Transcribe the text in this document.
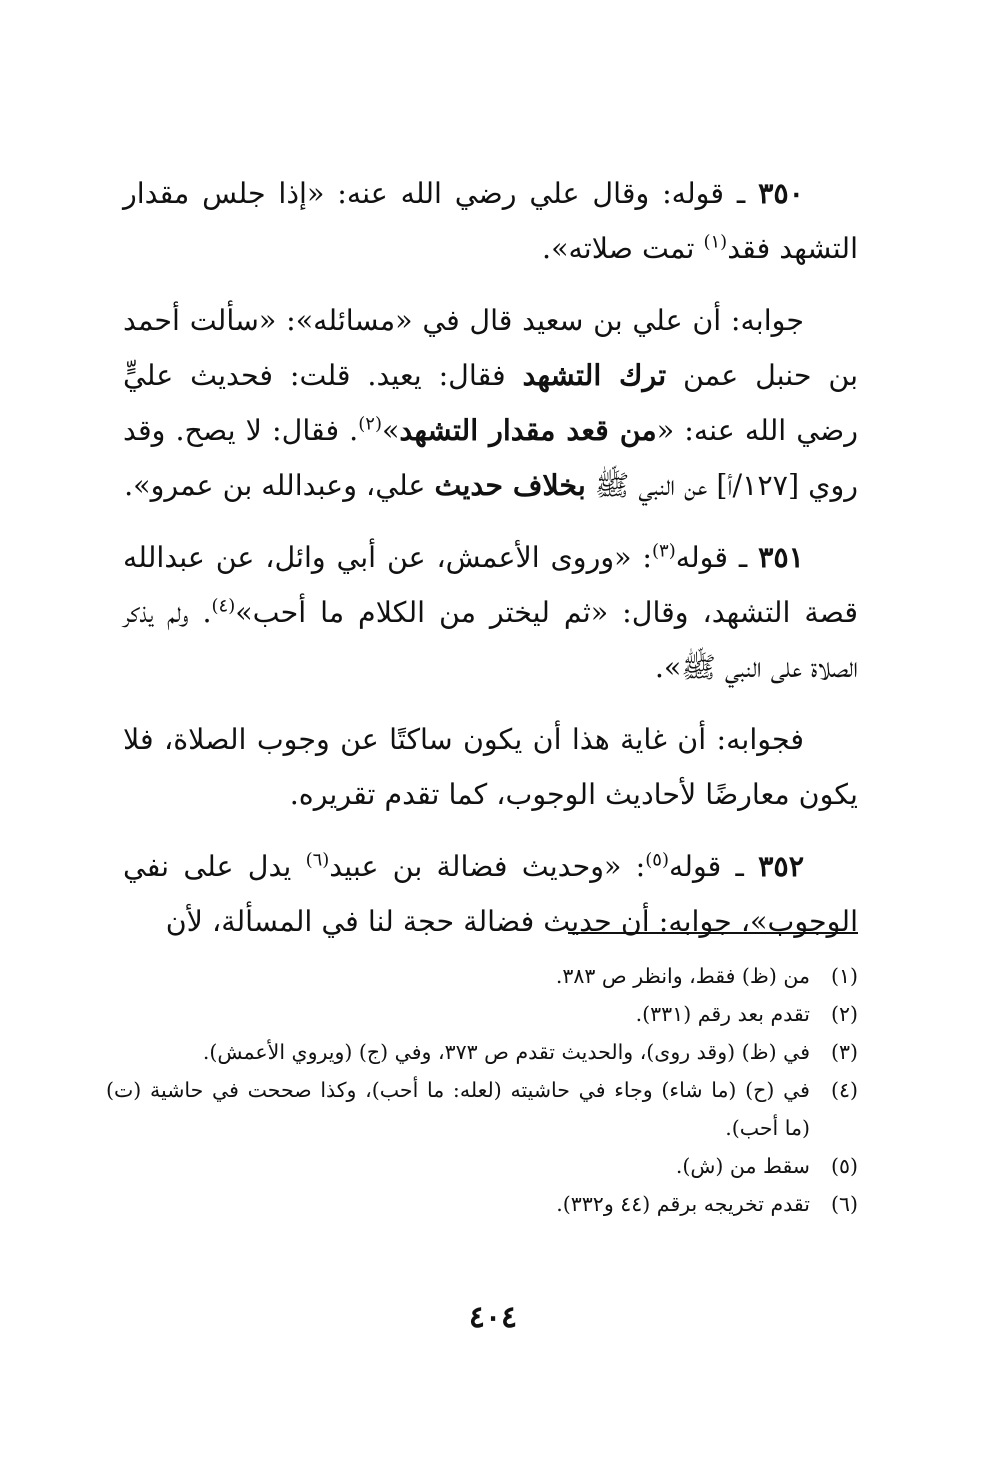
٣٥٠ ـ قوله: وقال علي رضي الله عنه: «إذا جلس مقدار التشهد فقد$^{(١)}$ تمت صلاته».

جوابه: أن علي بن سعيد قال في «مسائله»: «سألت أحمد بن حنبل عمن ترك التشهد فقال: يعيد. قلت: فحديث عليٍّ رضي الله عنه: «من قعد مقدار التشهد»$^{(٢)}$. فقال: لا يصح. وقد روي [١٢٧/أ] عن النبي ﷺ بخلاف حديث علي، وعبدالله بن عمرو».

٣٥١ ـ قوله$^{(٣)}$: «وروى الأعمش، عن أبي وائل، عن عبدالله قصة التشهد، وقال: «ثم ليختر من الكلام ما أحب»$^{(٤)}$. ولم يذكر الصلاة على النبي ﷺ».

فجوابه: أن غاية هذا أن يكون ساكتًا عن وجوب الصلاة، فلا يكون معارضًا لأحاديث الوجوب، كما تقدم تقريره.

٣٥٢ ـ قوله$^{(٥)}$: «وحديث فضالة بن عبيد$^{(٦)}$ يدل على نفي الوجوب»، جوابه: أن حديث فضالة حجة لنا في المسألة، لأن

(١)
من (ظ) فقط، وانظر ص ٣٨٣.
(٢)
تقدم بعد رقم (٣٣١).
(٣)
في (ظ) (وقد روى)، والحديث تقدم ص ٣٧٣، وفي (ج) (ويروي الأعمش).
(٤)
في (ح) (ما شاء) وجاء في حاشيته (لعله: ما أحب)، وكذا صححت في حاشية (ت) (ما أحب).
(٥)
سقط من (ش).
(٦)
تقدم تخريجه برقم (٤٤ و٣٣٢).
٤٠٤
